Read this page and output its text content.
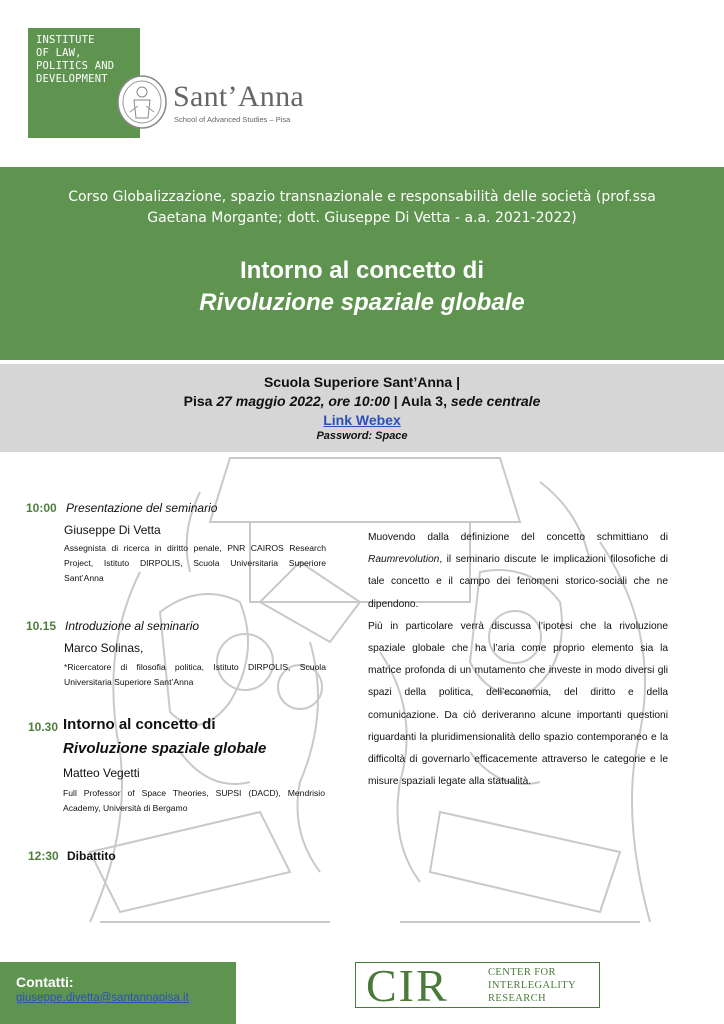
INSTITUTE
OF LAW,
POLITICS AND
DEVELOPMENT
Sant’Anna
School of Advanced Studies – Pisa
Corso Globalizzazione, spazio transnazionale e responsabilità delle società (prof.ssa Gaetana Morgante; dott. Giuseppe Di Vetta - a.a. 2021-2022)
Intorno al concetto di
Rivoluzione spaziale globale
Scuola Superiore Sant’Anna |
Pisa 27 maggio 2022, ore 10:00 | Aula 3, sede centrale
Link Webex
Password: Space
10:00 Presentazione del seminario
Giuseppe Di Vetta
Assegnista di ricerca in diritto penale, PNR CAIROS Research Project, Istituto DIRPOLIS, Scuola Universitaria Superiore Sant’Anna
10.15 Introduzione al seminario
Marco Solinas,
*Ricercatore di filosofia politica, Istituto DIRPOLIS, Scuola Universitaria Superiore Sant’Anna
10.30 Intorno al concetto di
Rivoluzione spaziale globale
Matteo Vegetti
Full Professor of Space Theories, SUPSI (DACD), Mendrisio Academy, Università di Bergamo
12:30 Dibattito

Muovendo dalla definizione del concetto schmittiano di Raumrevolution, il seminario discute le implicazioni filosofiche di tale concetto e il campo dei fenomeni storico-sociali che ne dipendono.

Più in particolare verrà discussa l’ipotesi che la rivoluzione spaziale globale che ha l’aria come proprio elemento sia la matrice profonda di un mutamento che investe in modo diversi gli spazi della politica, dell’economia, del diritto e della comunicazione. Da ciò deriveranno alcune importanti questioni riguardanti la pluridimensionalità dello spazio contemporaneo e la difficoltà di governarlo efficacemente attraverso le categorie e le misure spaziali legate alla statualità.

Contatti:
giuseppe.divetta@santannapisa.it	CIR	CENTER FOR
INTERLEGALITY
RESEARCH
